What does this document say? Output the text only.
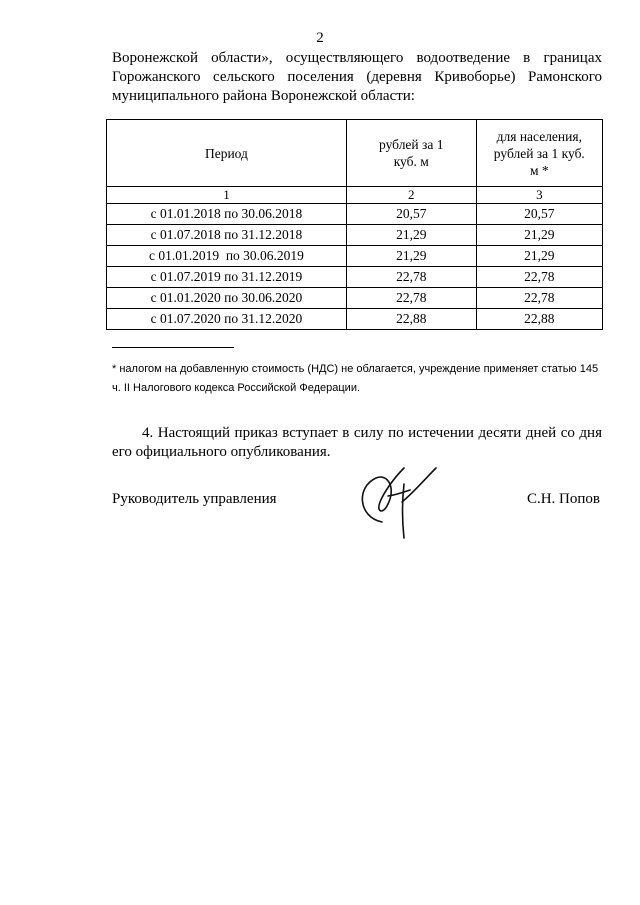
2
Воронежской области», осуществляющего водоотведение в границах
Горожанского сельского поселения (деревня Кривоборье) Рамонского
муниципального района Воронежской области:
Период	рублей за 1 куб. м	для населения, рублей за 1 куб. м *

1	2	3
с 01.01.2018 по 30.06.2018	20,57	20,57
с 01.07.2018 по 31.12.2018	21,29	21,29
с 01.01.2019  по 30.06.2019	21,29	21,29
с 01.07.2019 по 31.12.2019	22,78	22,78
с 01.01.2020 по 30.06.2020	22,78	22,78
с 01.07.2020 по 31.12.2020	22,88	22,88
* налогом на добавленную стоимость (НДС) не облагается, учреждение применяет статью 145
ч. II Налогового кодекса Российской Федерации.
4. Настоящий приказ вступает в силу по истечении десяти дней со дня
его официального опубликования.
Руководитель управления	С.Н. Попов
